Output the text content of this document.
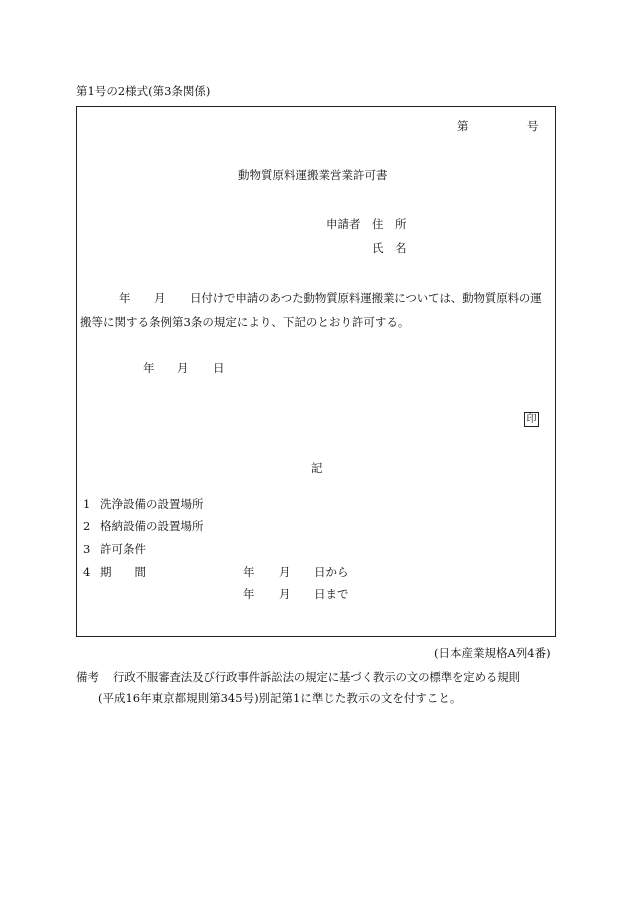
第1号の2様式(第3条関係)
第	号
動物質原料運搬業営業許可書
申請者 住　所
氏　名
年 月 日付けで申請のあつた動物質原料運搬業については、動物質原料の運
搬等に関する条例第3条の規定により、下記のとおり許可する。
年 月 日
印
記
1 洗浄設備の設置場所
2 格納設備の設置場所
3 許可条件
4 期　　間	年 月 日から
年 月 日まで
(日本産業規格A列4番)
備考 行政不服審査法及び行政事件訴訟法の規定に基づく教示の文の標準を定める規則
(平成16年東京都規則第345号)別記第1に準じた教示の文を付すこと。
